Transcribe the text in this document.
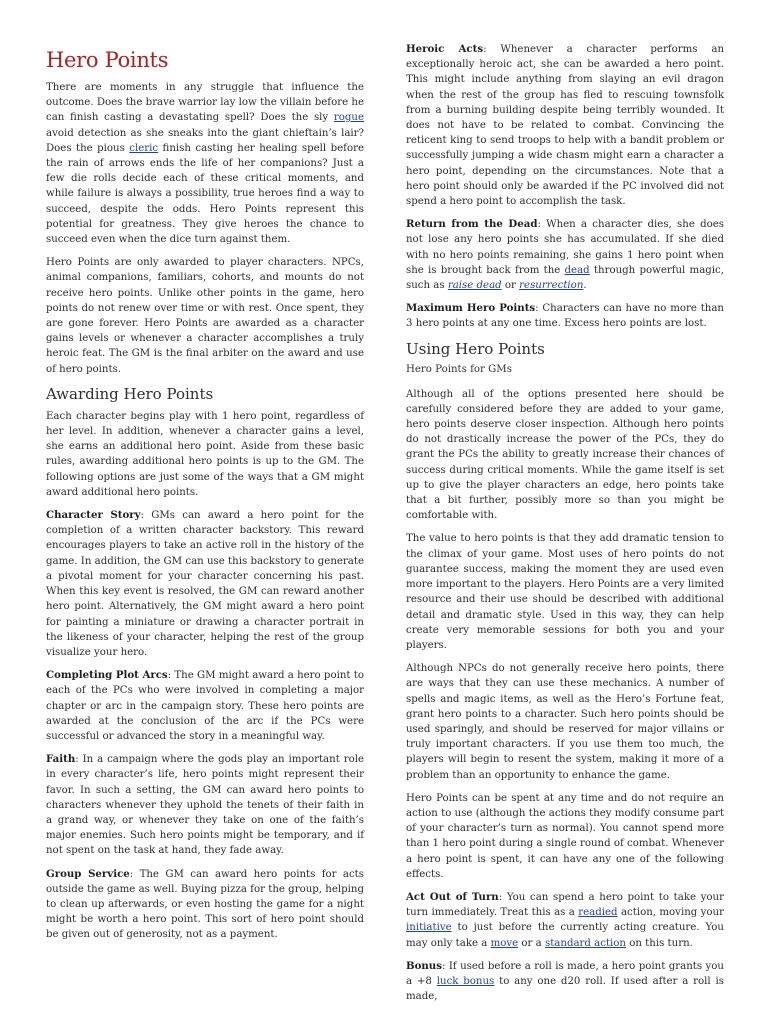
Hero Points

There are moments in any struggle that influence the outcome. Does the brave warrior lay low the villain before he can finish casting a devastating spell? Does the sly rogue avoid detection as she sneaks into the giant chieftain’s lair? Does the pious cleric finish casting her healing spell before the rain of arrows ends the life of her companions? Just a few die rolls decide each of these critical moments, and while failure is always a possibility, true heroes find a way to succeed, despite the odds. Hero Points represent this potential for greatness. They give heroes the chance to succeed even when the dice turn against them.

Hero Points are only awarded to player characters. NPCs, animal companions, familiars, cohorts, and mounts do not receive hero points. Unlike other points in the game, hero points do not renew over time or with rest. Once spent, they are gone forever. Hero Points are awarded as a character gains levels or whenever a character accomplishes a truly heroic feat. The GM is the final arbiter on the award and use of hero points.

Awarding Hero Points

Each character begins play with 1 hero point, regardless of her level. In addition, whenever a character gains a level, she earns an additional hero point. Aside from these basic rules, awarding additional hero points is up to the GM. The following options are just some of the ways that a GM might award additional hero points.

Character Story: GMs can award a hero point for the completion of a written character backstory. This reward encourages players to take an active roll in the history of the game. In addition, the GM can use this backstory to generate a pivotal moment for your character concerning his past. When this key event is resolved, the GM can reward another hero point. Alternatively, the GM might award a hero point for painting a miniature or drawing a character portrait in the likeness of your character, helping the rest of the group visualize your hero.

Completing Plot Arcs: The GM might award a hero point to each of the PCs who were involved in completing a major chapter or arc in the campaign story. These hero points are awarded at the conclusion of the arc if the PCs were successful or advanced the story in a meaningful way.

Faith: In a campaign where the gods play an important role in every character’s life, hero points might represent their favor. In such a setting, the GM can award hero points to characters whenever they uphold the tenets of their faith in a grand way, or whenever they take on one of the faith’s major enemies. Such hero points might be temporary, and if not spent on the task at hand, they fade away.

Group Service: The GM can award hero points for acts outside the game as well. Buying pizza for the group, helping to clean up afterwards, or even hosting the game for a night might be worth a hero point. This sort of hero point should be given out of generosity, not as a payment.

Heroic Acts: Whenever a character performs an exceptionally heroic act, she can be awarded a hero point. This might include anything from slaying an evil dragon when the rest of the group has fled to rescuing townsfolk from a burning building despite being terribly wounded. It does not have to be related to combat. Convincing the reticent king to send troops to help with a bandit problem or successfully jumping a wide chasm might earn a character a hero point, depending on the circumstances. Note that a hero point should only be awarded if the PC involved did not spend a hero point to accomplish the task.

Return from the Dead: When a character dies, she does not lose any hero points she has accumulated. If she died with no hero points remaining, she gains 1 hero point when she is brought back from the dead through powerful magic, such as raise dead or resurrection.

Maximum Hero Points: Characters can have no more than 3 hero points at any one time. Excess hero points are lost.

Using Hero Points
Hero Points for GMs

Although all of the options presented here should be carefully considered before they are added to your game, hero points deserve closer inspection. Although hero points do not drastically increase the power of the PCs, they do grant the PCs the ability to greatly increase their chances of success during critical moments. While the game itself is set up to give the player characters an edge, hero points take that a bit further, possibly more so than you might be comfortable with.

The value to hero points is that they add dramatic tension to the climax of your game. Most uses of hero points do not guarantee success, making the moment they are used even more important to the players. Hero Points are a very limited resource and their use should be described with additional detail and dramatic style. Used in this way, they can help create very memorable sessions for both you and your players.

Although NPCs do not generally receive hero points, there are ways that they can use these mechanics. A number of spells and magic items, as well as the Hero’s Fortune feat, grant hero points to a character. Such hero points should be used sparingly, and should be reserved for major villains or truly important characters. If you use them too much, the players will begin to resent the system, making it more of a problem than an opportunity to enhance the game.

Hero Points can be spent at any time and do not require an action to use (although the actions they modify consume part of your character’s turn as normal). You cannot spend more than 1 hero point during a single round of combat. Whenever a hero point is spent, it can have any one of the following effects.

Act Out of Turn: You can spend a hero point to take your turn immediately. Treat this as a readied action, moving your initiative to just before the currently acting creature. You may only take a move or a standard action on this turn.

Bonus: If used before a roll is made, a hero point grants you a +8 luck bonus to any one d20 roll. If used after a roll is made,
